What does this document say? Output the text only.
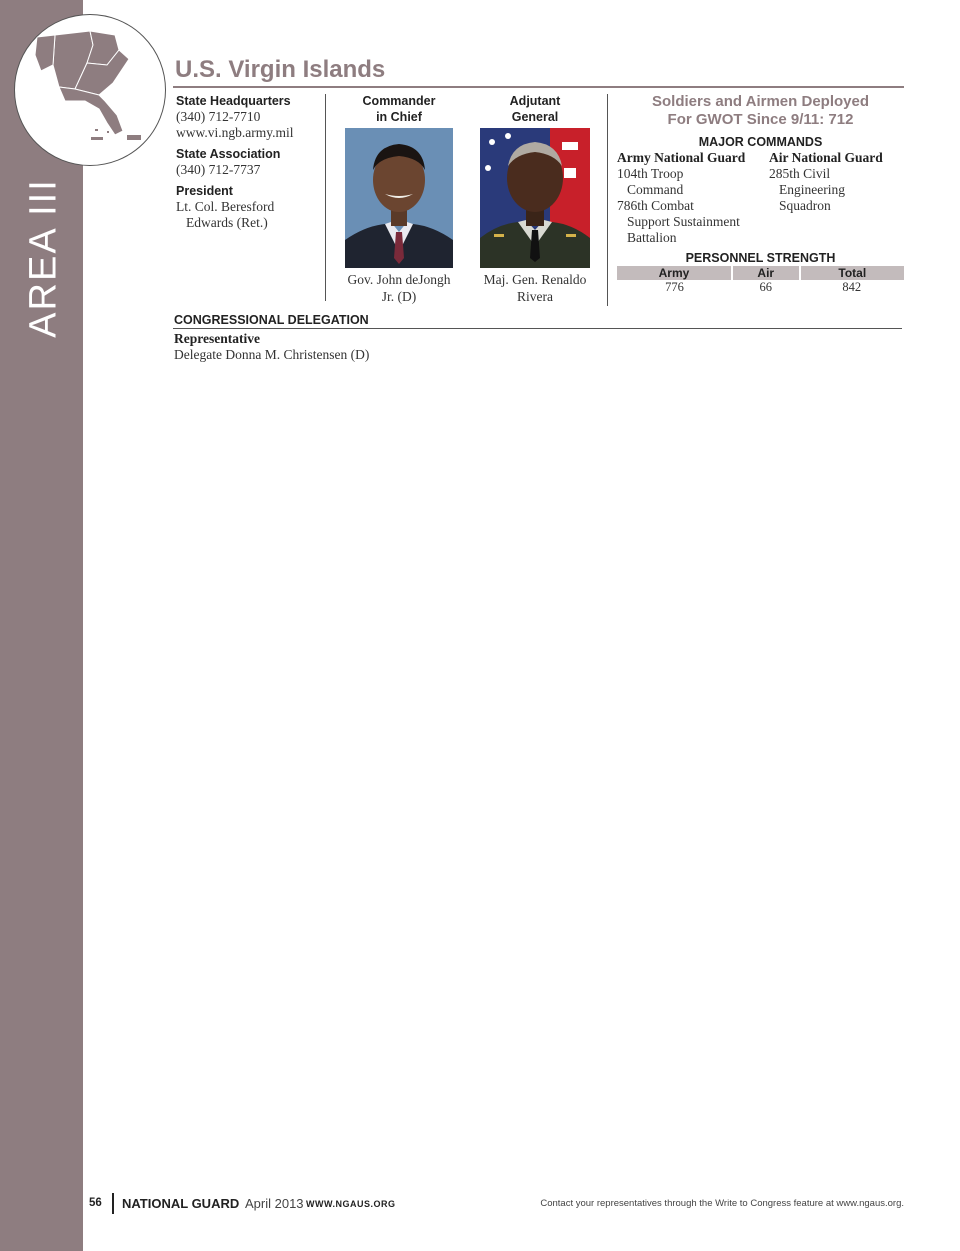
AREA III
U.S. Virgin Islands
State Headquarters
(340) 712-7710
www.vi.ngb.army.mil
State Association
(340) 712-7737
President
Lt. Col. Beresford
Edwards (Ret.)
Commander
in Chief
Gov. John deJongh
Jr. (D)
Adjutant
General
Maj. Gen. Renaldo
Rivera
Soldiers and Airmen Deployed
For GWOT Since 9/11: 712
MAJOR COMMANDS
Army National Guard
104th Troop
Command
786th Combat
Support Sustainment
Battalion
Air National Guard
285th Civil
Engineering
Squadron
PERSONNEL STRENGTH
Army	Air	Total
776	66	842
CONGRESSIONAL DELEGATION
Representative
Delegate Donna M. Christensen (D)
56 NATIONAL GUARD April 2013 WWW.NGAUS.ORG	Contact your representatives through the Write to Congress feature at www.ngaus.org.
